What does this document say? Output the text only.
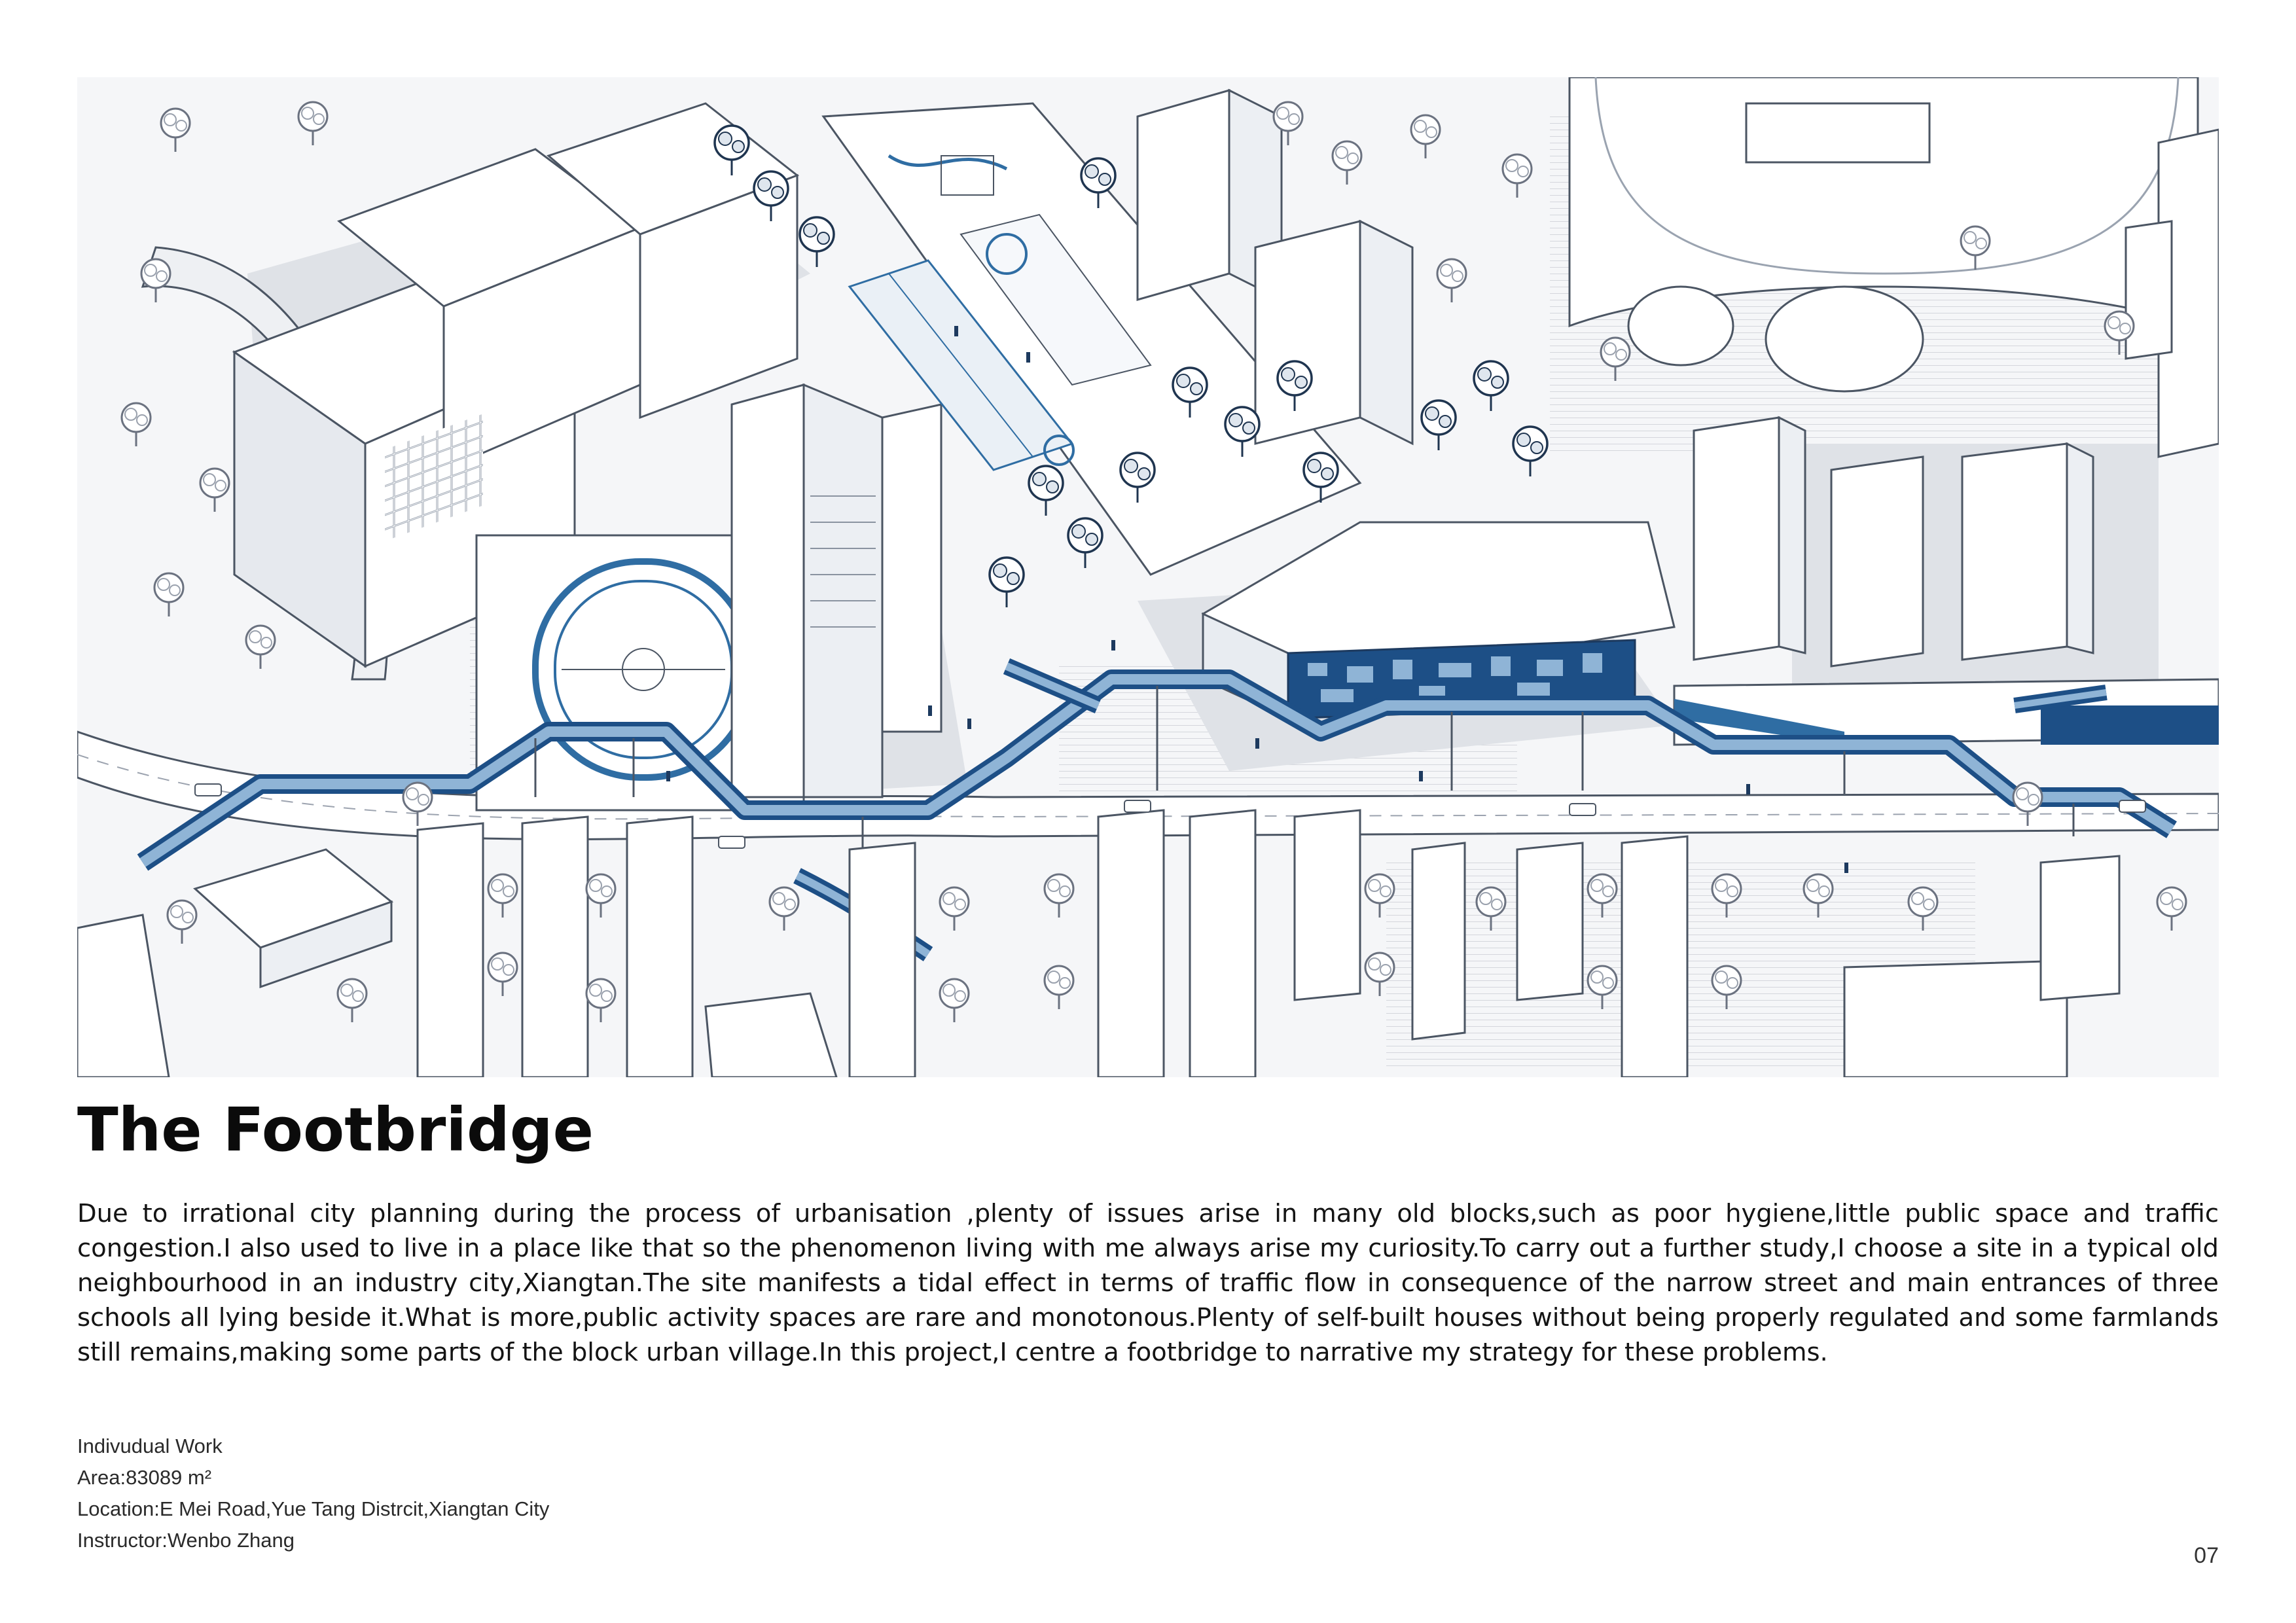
The Footbridge

Due to irrational city planning during the process of urbanisation ,plenty of issues arise in many old blocks,such as poor hygiene,little public space and traffic congestion.I also used to live in a place like that so the phenomenon living with me always arise my curiosity.To carry out a further study,I choose a site in a typical old neighbourhood in an industry city,Xiangtan.The site manifests a tidal effect in terms of traffic flow in consequence of the narrow street and main entrances of three schools all lying beside it.What is more,public activity spaces are rare and monotonous.Plenty of self-built houses without being properly regulated and some farmlands still remains,making some parts of the block urban village.In this project,I centre a footbridge to narrative my strategy for these problems.

Indivudual Work
Area:83089 m²
Location:E Mei Road,Yue Tang Distrcit,Xiangtan City
Instructor:Wenbo Zhang
07
